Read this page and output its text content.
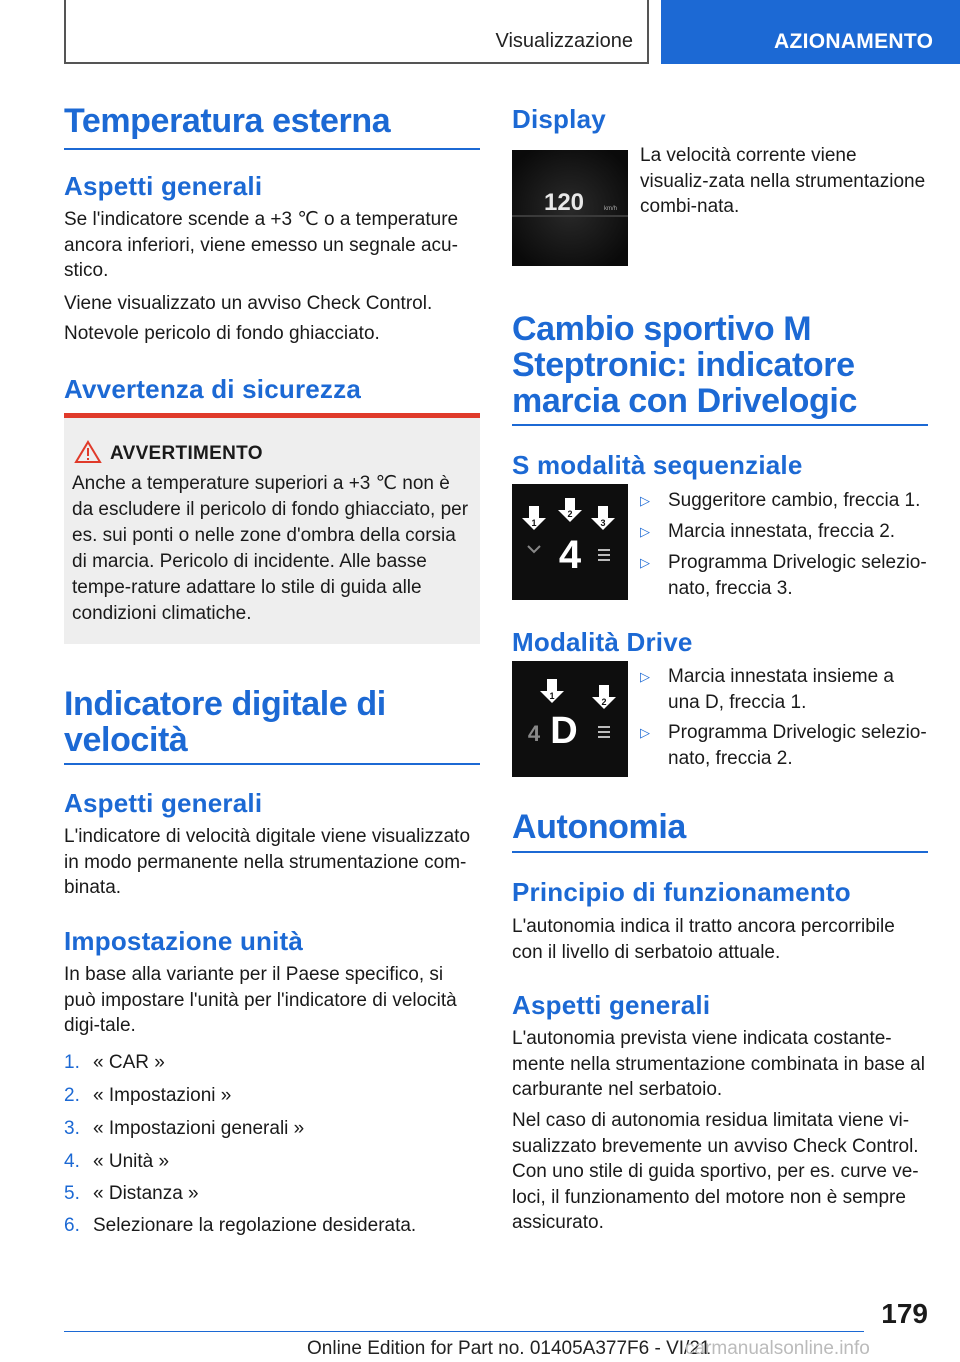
Visualizzazione	AZIONAMENTO
Temperatura esterna
Aspetti generali

Se l'indicatore scende a +3 ℃ o a temperature ancora inferiori, viene emesso un segnale acu-stico.

Viene visualizzato un avviso Check Control.

Notevole pericolo di fondo ghiacciato.

Avvertenza di sicurezza
AVVERTIMENTO
Anche a temperature superiori a +3 ℃ non è da escludere il pericolo di fondo ghiacciato, per es. sui ponti o nelle zone d'ombra della corsia di marcia. Pericolo di incidente. Alle basse tempe-rature adattare lo stile di guida alle condizioni climatiche.
Indicatore digitale di velocità
Aspetti generali

L'indicatore di velocità digitale viene visualizzato in modo permanente nella strumentazione com-binata.

Impostazione unità

In base alla variante per il Paese specifico, si può impostare l'unità per l'indicatore di velocità digi-tale.

1. « CAR »
2. « Impostazioni »
3. « Impostazioni generali »
4. « Unità »
5. « Distanza »
6. Selezionare la regolazione desiderata.
Display
120	km/h

La velocità corrente viene visualiz-zata nella strumentazione combi-nata.

Cambio sportivo M Steptronic: indicatore marcia con Drivelogic
S modalità sequenziale
1
2
3
4
▷ Suggeritore cambio, freccia 1.
▷ Marcia innestata, freccia 2.
▷ Programma Drivelogic selezio-nato, freccia 3.
Modalità Drive
1
2
4 D
▷ Marcia innestata insieme a una D, freccia 1.
▷ Programma Drivelogic selezio-nato, freccia 2.
Autonomia
Principio di funzionamento

L'autonomia indica il tratto ancora percorribile con il livello di serbatoio attuale.

Aspetti generali

L'autonomia prevista viene indicata costante-mente nella strumentazione combinata in base al carburante nel serbatoio.

Nel caso di autonomia residua limitata viene vi-sualizzato brevemente un avviso Check Control. Con uno stile di guida sportivo, per es. curve ve-loci, il funzionamento del motore non è sempre assicurato.

179
Online Edition for Part no. 01405A377F6 - VI/21
carmanualsonline.info
